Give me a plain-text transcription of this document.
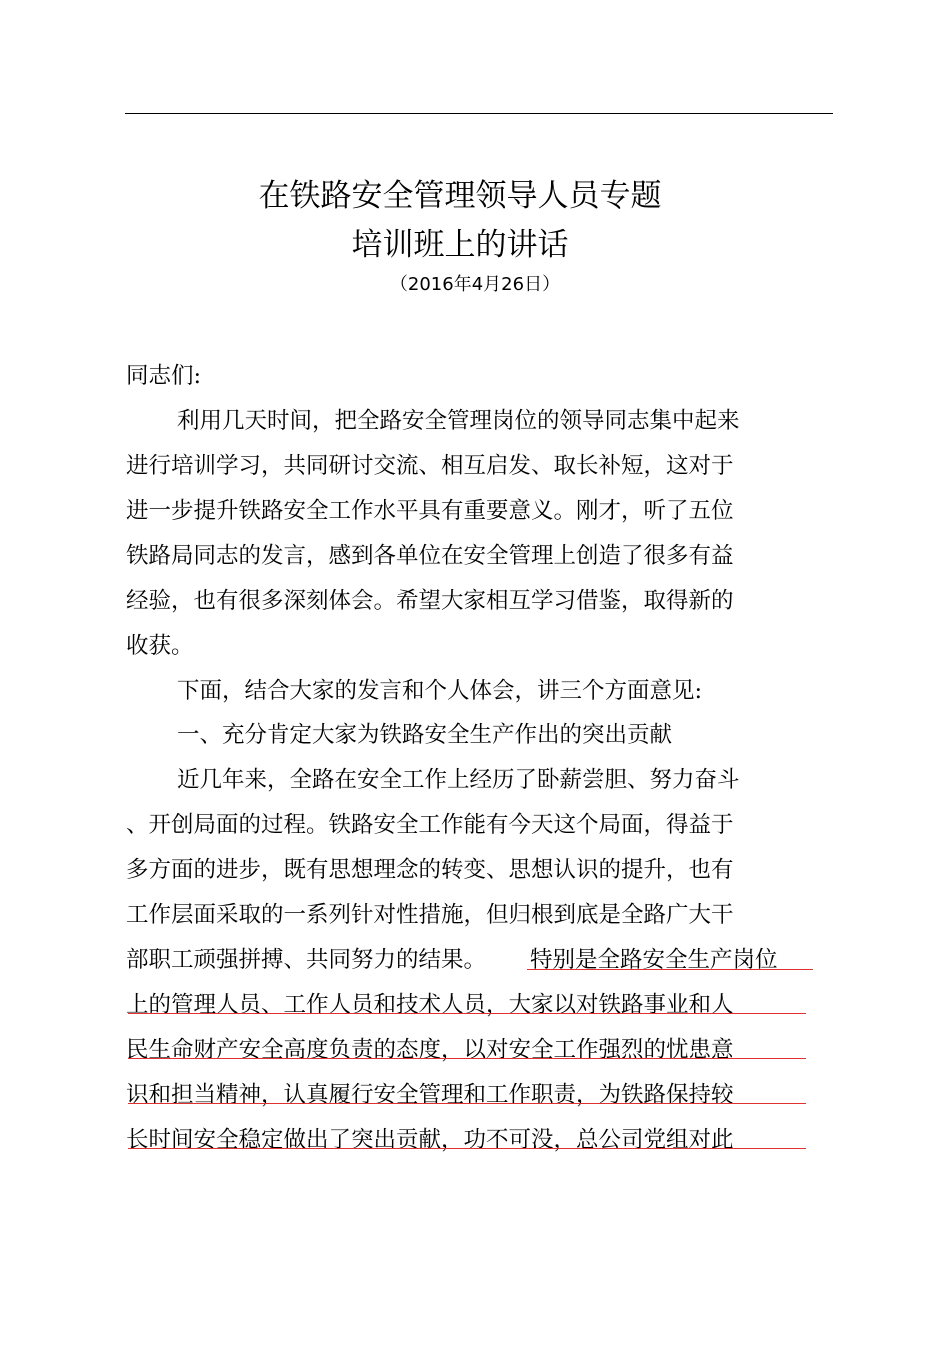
在铁路安全管理领导人员专题
培训班上的讲话
（2016年4月26日）
同志们:
利用几天时间，把全路安全管理岗位的领导同志集中起来
进行培训学习，共同研讨交流、相互启发、取长补短，这对于
进一步提升铁路安全工作水平具有重要意义。刚才，听了五位
铁路局同志的发言，感到各单位在安全管理上创造了很多有益
经验，也有很多深刻体会。希望大家相互学习借鉴，取得新的
收获。
下面，结合大家的发言和个人体会，讲三个方面意见:
一、充分肯定大家为铁路安全生产作出的突出贡献
近几年来，全路在安全工作上经历了卧薪尝胆、努力奋斗
、开创局面的过程。铁路安全工作能有今天这个局面，得益于
多方面的进步，既有思想理念的转变、思想认识的提升，也有
工作层面采取的一系列针对性措施，但归根到底是全路广大干
部职工顽强拼搏、共同努力的结果。 特别是全路安全生产岗位
上的管理人员、工作人员和技术人员，大家以对铁路事业和人
民生命财产安全高度负责的态度，以对安全工作强烈的忧患意
识和担当精神，认真履行安全管理和工作职责，为铁路保持较
长时间安全稳定做出了突出贡献，功不可没，总公司党组对此
